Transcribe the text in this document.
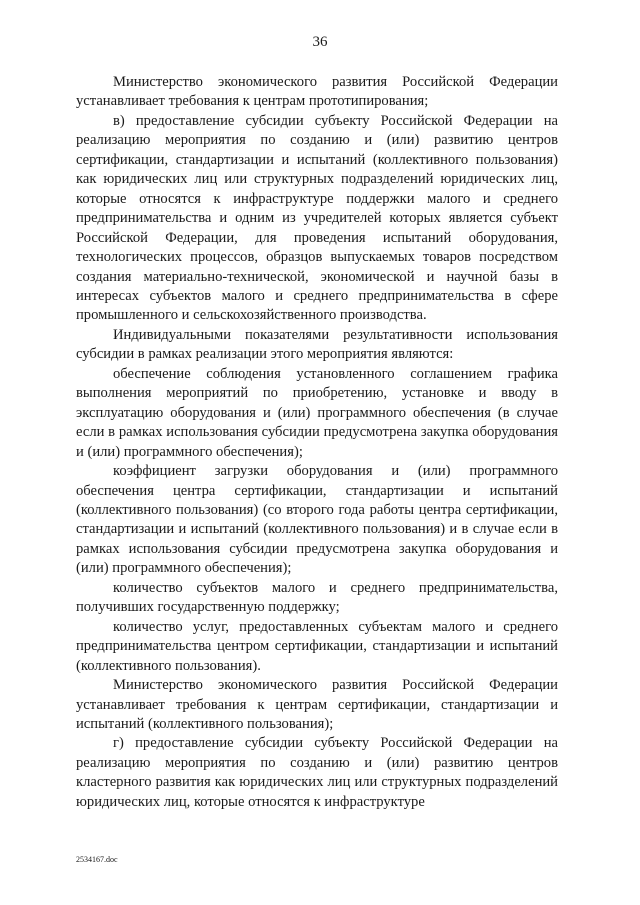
36

Министерство экономического развития Российской Федерации устанавливает требования к центрам прототипирования;

в) предоставление субсидии субъекту Российской Федерации на реализацию мероприятия по созданию и (или) развитию центров сертификации, стандартизации и испытаний (коллективного пользования) как юридических лиц или структурных подразделений юридических лиц, которые относятся к инфраструктуре поддержки малого и среднего предпринимательства и одним из учредителей которых является субъект Российской Федерации, для проведения испытаний оборудования, технологических процессов, образцов выпускаемых товаров посредством создания материально-технической, экономической и научной базы в интересах субъектов малого и среднего предпринимательства в сфере промышленного и сельскохозяйственного производства.

Индивидуальными показателями результативности использования субсидии в рамках реализации этого мероприятия являются:

обеспечение соблюдения установленного соглашением графика выполнения мероприятий по приобретению, установке и вводу в эксплуатацию оборудования и (или) программного обеспечения (в случае если в рамках использования субсидии предусмотрена закупка оборудования и (или) программного обеспечения);

коэффициент загрузки оборудования и (или) программного обеспечения центра сертификации, стандартизации и испытаний (коллективного пользования) (со второго года работы центра сертификации, стандартизации и испытаний (коллективного пользования) и в случае если в рамках использования субсидии предусмотрена закупка оборудования и (или) программного обеспечения);

количество субъектов малого и среднего предпринимательства, получивших государственную поддержку;

количество услуг, предоставленных субъектам малого и среднего предпринимательства центром сертификации, стандартизации и испытаний (коллективного пользования).

Министерство экономического развития Российской Федерации устанавливает требования к центрам сертификации, стандартизации и испытаний (коллективного пользования);

г) предоставление субсидии субъекту Российской Федерации на реализацию мероприятия по созданию и (или) развитию центров кластерного развития как юридических лиц или структурных подразделений юридических лиц, которые относятся к инфраструктуре

2534167.doc
